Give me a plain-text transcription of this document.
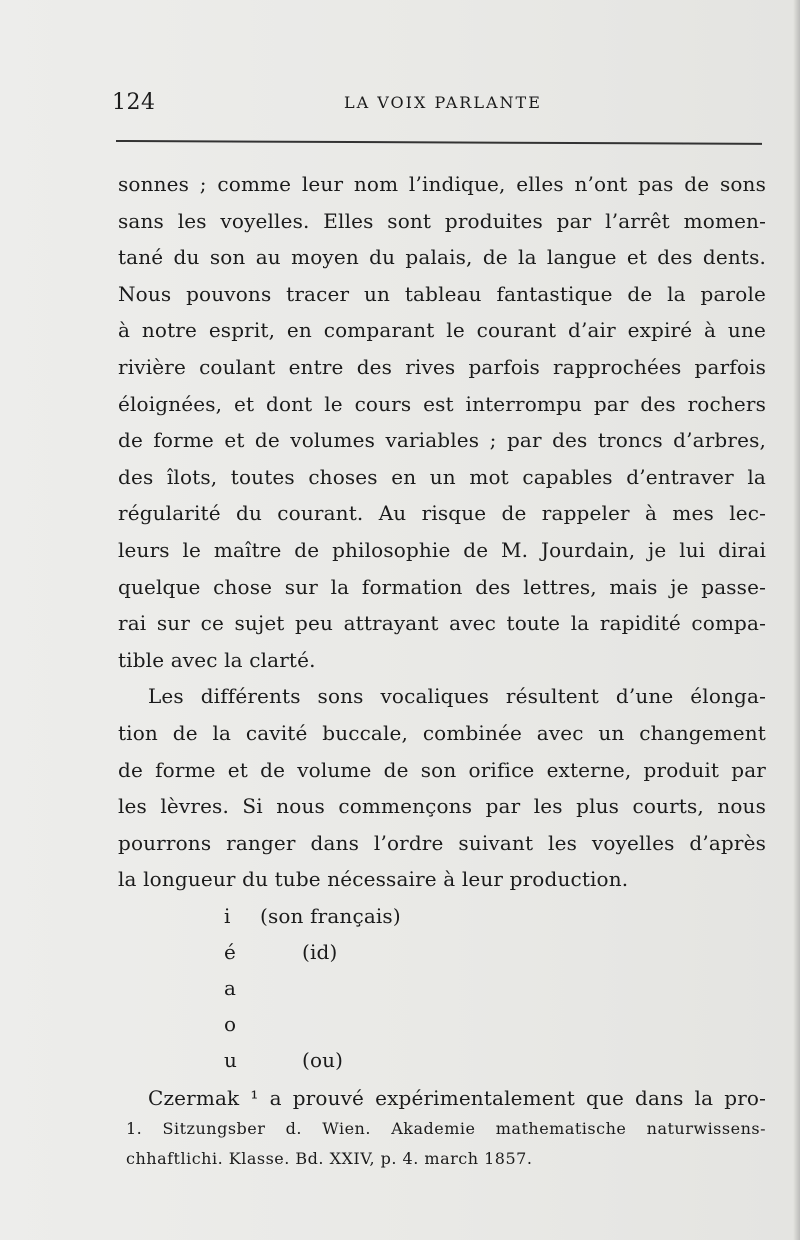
124	LA VOIX PARLANTE
sonnes ; comme leur nom l’indique, elles n’ont pas de sons
sans les voyelles. Elles sont produites par l’arrêt momen-
tané du son au moyen du palais, de la langue et des dents.
Nous pouvons tracer un tableau fantastique de la parole
à notre esprit, en comparant le courant d’air expiré à une
rivière coulant entre des rives parfois rapprochées parfois
éloignées, et dont le cours est interrompu par des rochers
de forme et de volumes variables ; par des troncs d’arbres,
des îlots, toutes choses en un mot capables d’entraver la
régularité du courant. Au risque de rappeler à mes lec-
leurs le maître de philosophie de M. Jourdain, je lui dirai
quelque chose sur la formation des lettres, mais je passe-
rai sur ce sujet peu attrayant avec toute la rapidité compa-
tible avec la clarté.
Les différents sons vocaliques résultent d’une élonga-
tion de la cavité buccale, combinée avec un changement
de forme et de volume de son orifice externe, produit par
les lèvres. Si nous commençons par les plus courts, nous
pourrons ranger dans l’ordre suivant les voyelles d’après
la longueur du tube nécessaire à leur production.
i (son français)
é	(id)
a
o
u	(ou)
Czermak ¹ a prouvé expérimentalement que dans la pro-
1. Sitzungsber d. Wien. Akademie mathematische naturwissens-
chhaftlichi. Klasse. Bd. XXIV, p. 4. march 1857.
